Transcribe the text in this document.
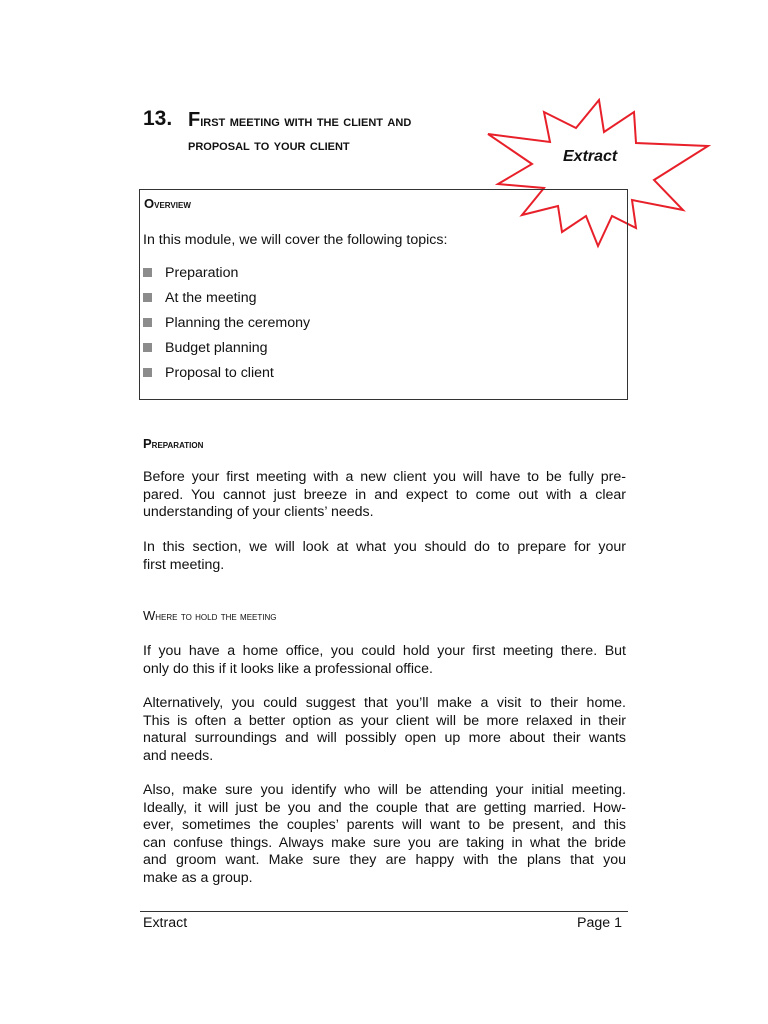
13. First meeting with the client and
proposal to your client
Extract
Overview
In this module, we will cover the following topics:
Preparation
At the meeting
Planning the ceremony
Budget planning
Proposal to client
Preparation
Before your first meeting with a new client you will have to be fully pre-
pared. You cannot just breeze in and expect to come out with a clear
understanding of your clients’ needs.
In this section, we will look at what you should do to prepare for your
first meeting.
Where to hold the meeting
If you have a home office, you could hold your first meeting there. But
only do this if it looks like a professional office.
Alternatively, you could suggest that you’ll make a visit to their home.
This is often a better option as your client will be more relaxed in their
natural surroundings and will possibly open up more about their wants
and needs.
Also, make sure you identify who will be attending your initial meeting.
Ideally, it will just be you and the couple that are getting married. How-
ever, sometimes the couples’ parents will want to be present, and this
can confuse things. Always make sure you are taking in what the bride
and groom want. Make sure they are happy with the plans that you
make as a group.
Extract	Page 1
